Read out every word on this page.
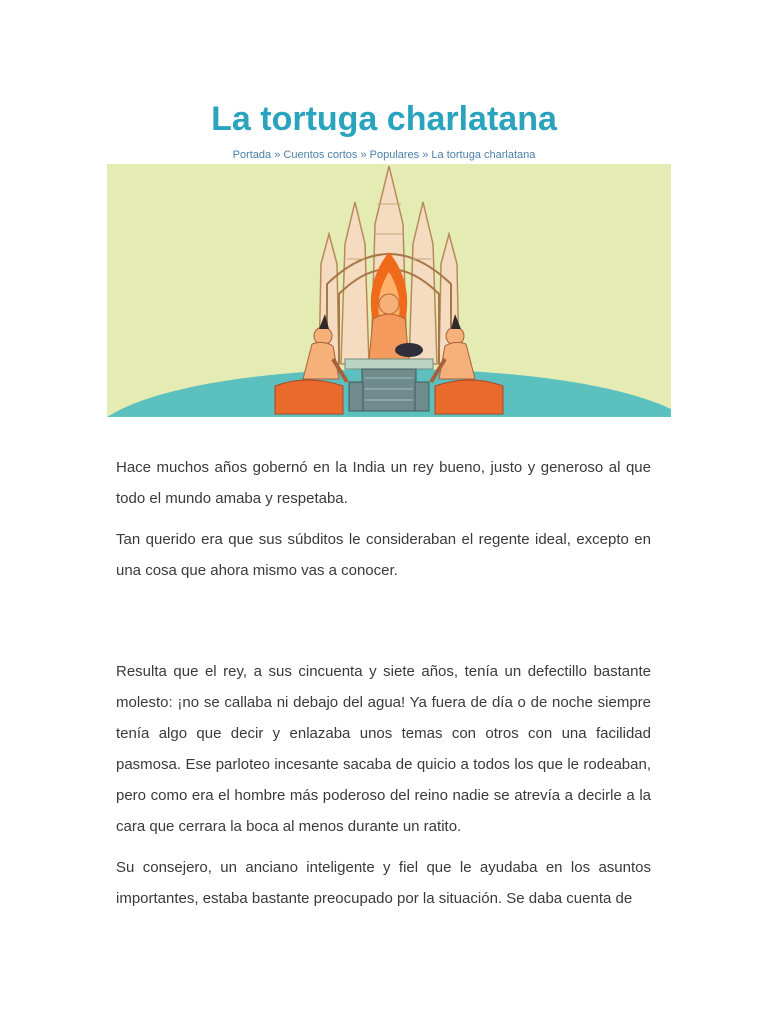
La tortuga charlatana
Portada » Cuentos cortos » Populares » La tortuga charlatana

Hace muchos años gobernó en la India un rey bueno, justo y generoso al que todo el mundo amaba y respetaba.

Tan querido era que sus súbditos le consideraban el regente ideal, excepto en una cosa que ahora mismo vas a conocer.

Resulta que el rey, a sus cincuenta y siete años, tenía un defectillo bastante molesto: ¡no se callaba ni debajo del agua! Ya fuera de día o de noche siempre tenía algo que decir y enlazaba unos temas con otros con una facilidad pasmosa. Ese parloteo incesante sacaba de quicio a todos los que le rodeaban, pero como era el hombre más poderoso del reino nadie se atrevía a decirle a la cara que cerrara la boca al menos durante un ratito.

Su consejero, un anciano inteligente y fiel que le ayudaba en los asuntos importantes, estaba bastante preocupado por la situación. Se daba cuenta de
